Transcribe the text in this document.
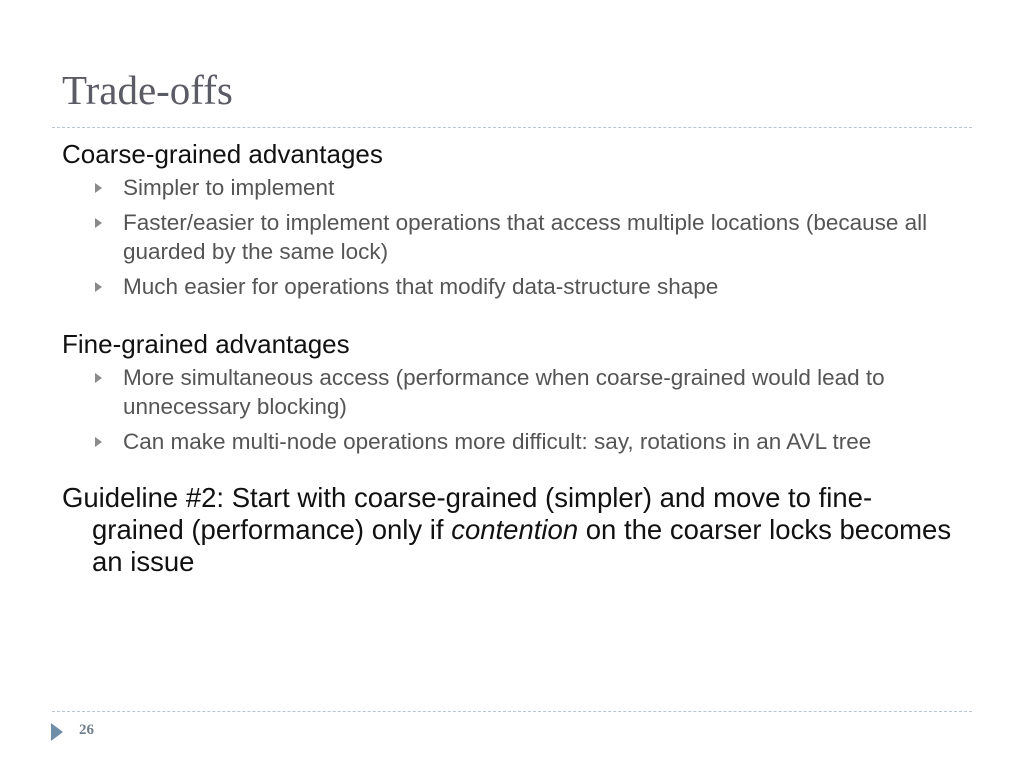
Trade-offs

Coarse-grained advantages

Simpler to implement
Faster/easier to implement operations that access multiple locations (because all guarded by the same lock)
Much easier for operations that modify data-structure shape

Fine-grained advantages

More simultaneous access (performance when coarse-grained would lead to unnecessary blocking)
Can make multi-node operations more difficult: say, rotations in an AVL tree

Guideline #2: Start with coarse-grained (simpler) and move to fine-grained (performance) only if contention on the coarser locks becomes an issue

26
